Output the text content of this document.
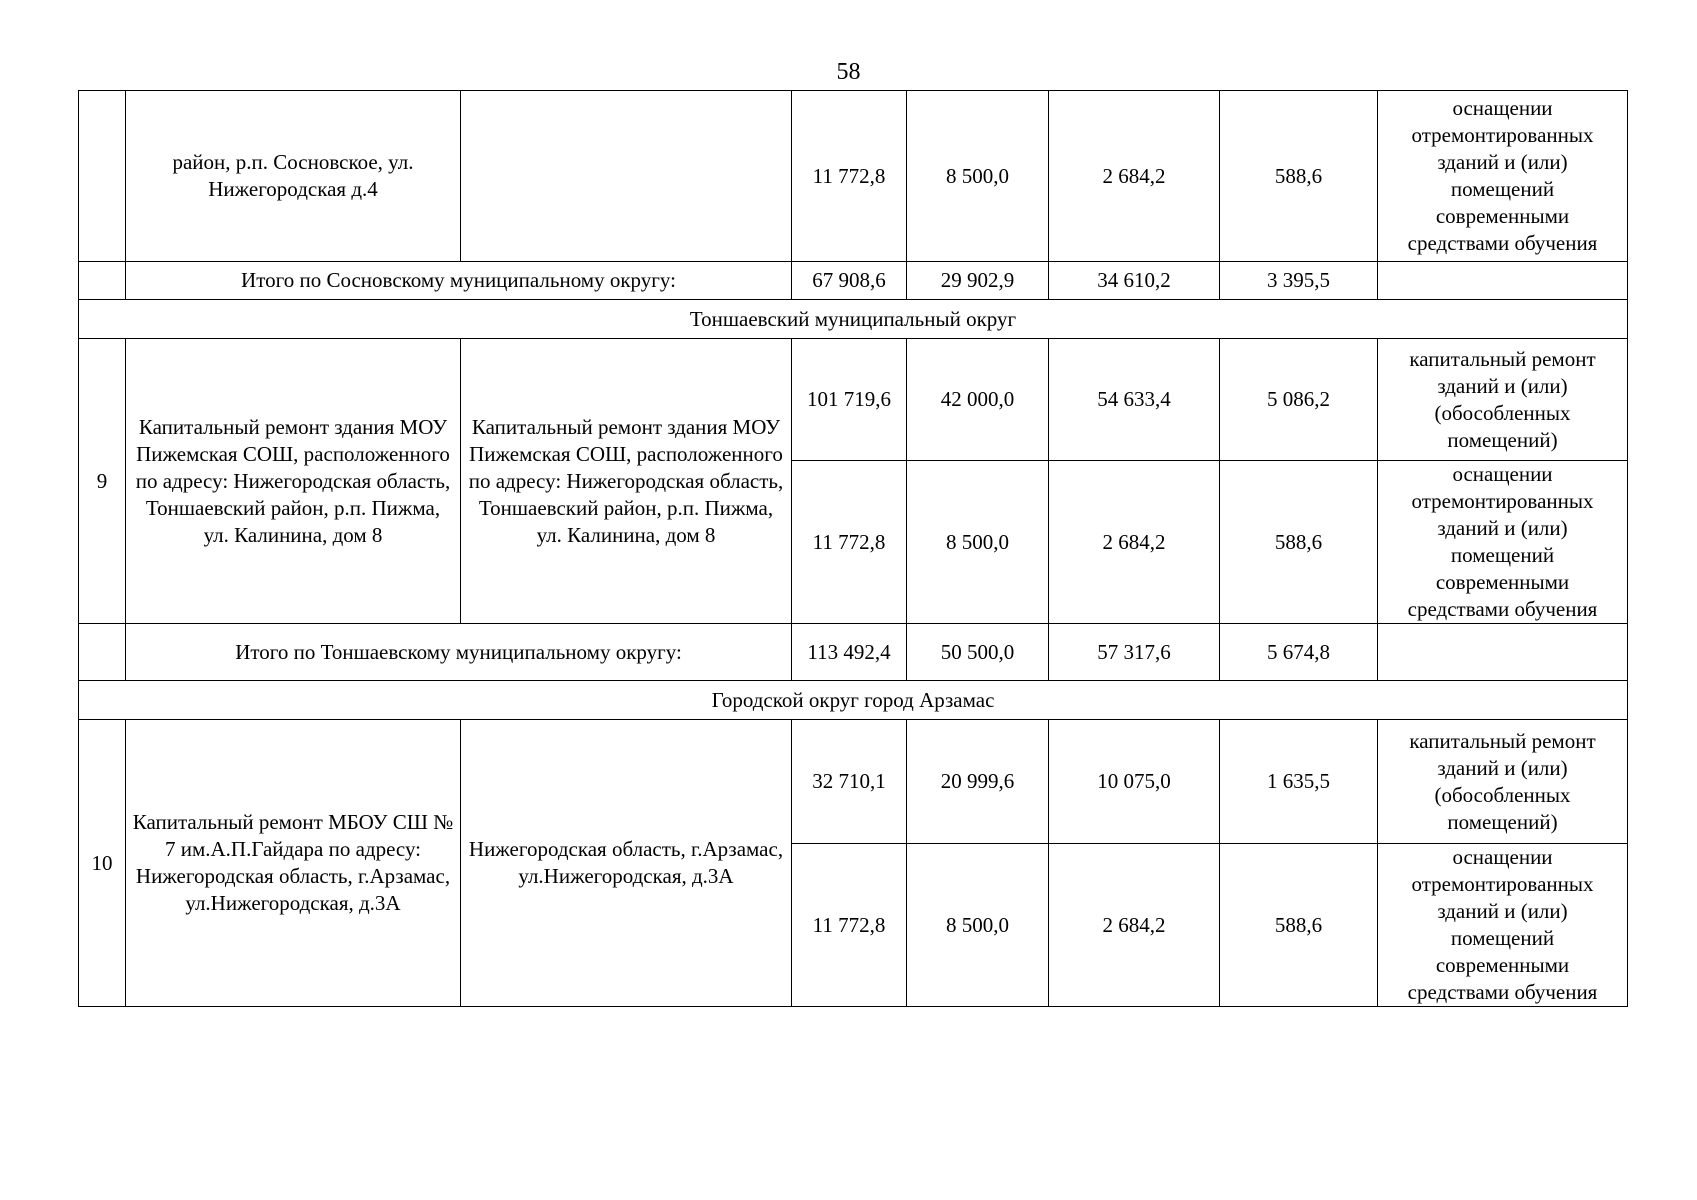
58
	район, р.п. Сосновское, ул. Нижегородская д.4		11 772,8	8 500,0	2 684,2	588,6	оснащении отремонтированных зданий и (или) помещений современными средствами обучения
	Итого по Сосновскому муниципальному округу:		67 908,6	29 902,9	34 610,2	3 395,5	
Тоншаевский муниципальный округ							
9	Капитальный ремонт здания МОУ Пижемская СОШ, расположенного по адресу: Нижегородская область, Тоншаевский район, р.п. Пижма, ул. Калинина, дом 8	Капитальный ремонт здания МОУ Пижемская СОШ, расположенного по адресу: Нижегородская область, Тоншаевский район, р.п. Пижма, ул. Калинина, дом 8	101 719,6	42 000,0	54 633,4	5 086,2	капитальный ремонт зданий и (или) (обособленных помещений)
			11 772,8	8 500,0	2 684,2	588,6	оснащении отремонтированных зданий и (или) помещений современными средствами обучения
	Итого по Тоншаевскому муниципальному округу:		113 492,4	50 500,0	57 317,6	5 674,8	
Городской округ город Арзамас							
10	Капитальный ремонт МБОУ СШ № 7 им.А.П.Гайдара по адресу: Нижегородская область, г.Арзамас, ул.Нижегородская, д.3А	Нижегородская область, г.Арзамас, ул.Нижегородская, д.3А	32 710,1	20 999,6	10 075,0	1 635,5	капитальный ремонт зданий и (или) (обособленных помещений)
			11 772,8	8 500,0	2 684,2	588,6	оснащении отремонтированных зданий и (или) помещений современными средствами обучения
